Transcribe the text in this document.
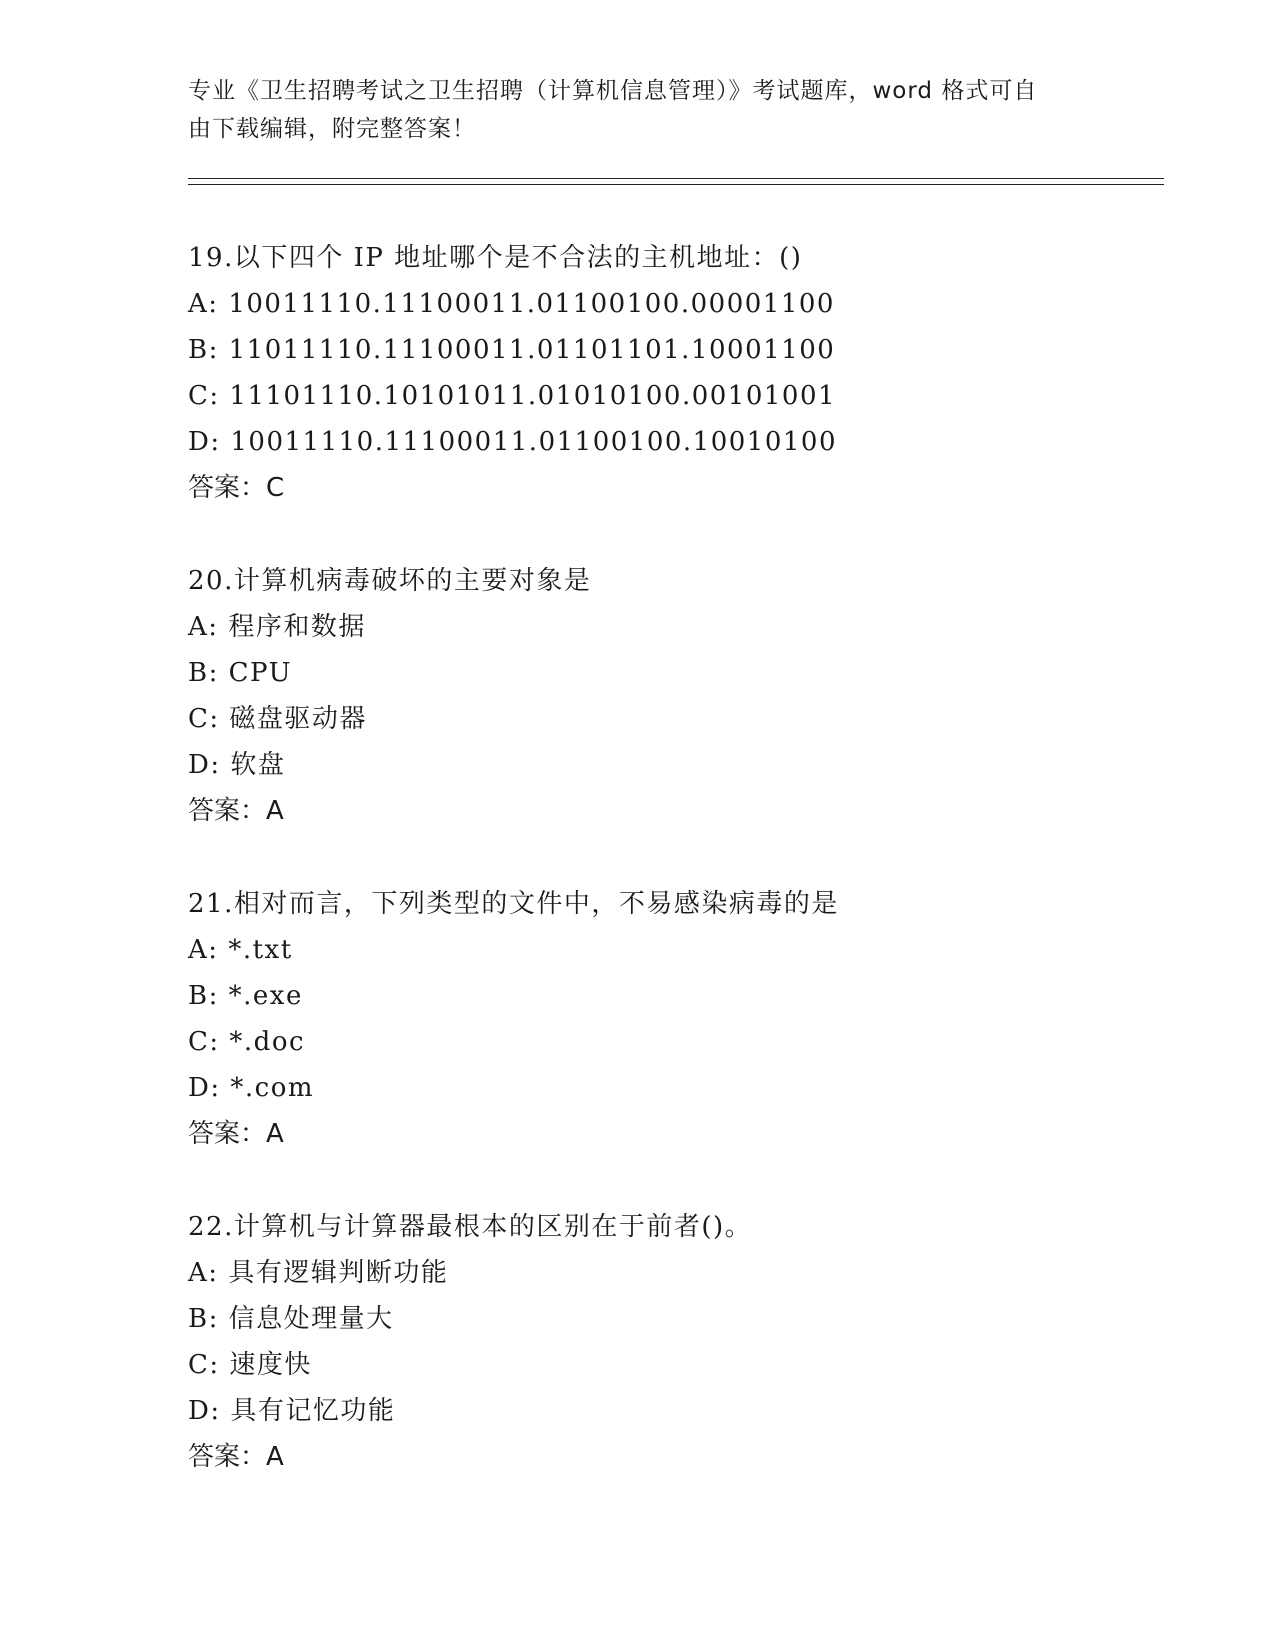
专业《卫生招聘考试之卫生招聘（计算机信息管理）》考试题库，word 格式可自
由下载编辑，附完整答案！
19.以下四个 IP 地址哪个是不合法的主机地址：()
A: 10011110.11100011.01100100.00001100
B: 11011110.11100011.01101101.10001100
C: 11101110.10101011.01010100.00101001
D: 10011110.11100011.01100100.10010100
答案：C
20.计算机病毒破坏的主要对象是
A: 程序和数据
B: CPU
C: 磁盘驱动器
D: 软盘
答案：A
21.相对而言，下列类型的文件中，不易感染病毒的是
A: *.txt
B: *.exe
C: *.doc
D: *.com
答案：A
22.计算机与计算器最根本的区别在于前者()。
A: 具有逻辑判断功能
B: 信息处理量大
C: 速度快
D: 具有记忆功能
答案：A
